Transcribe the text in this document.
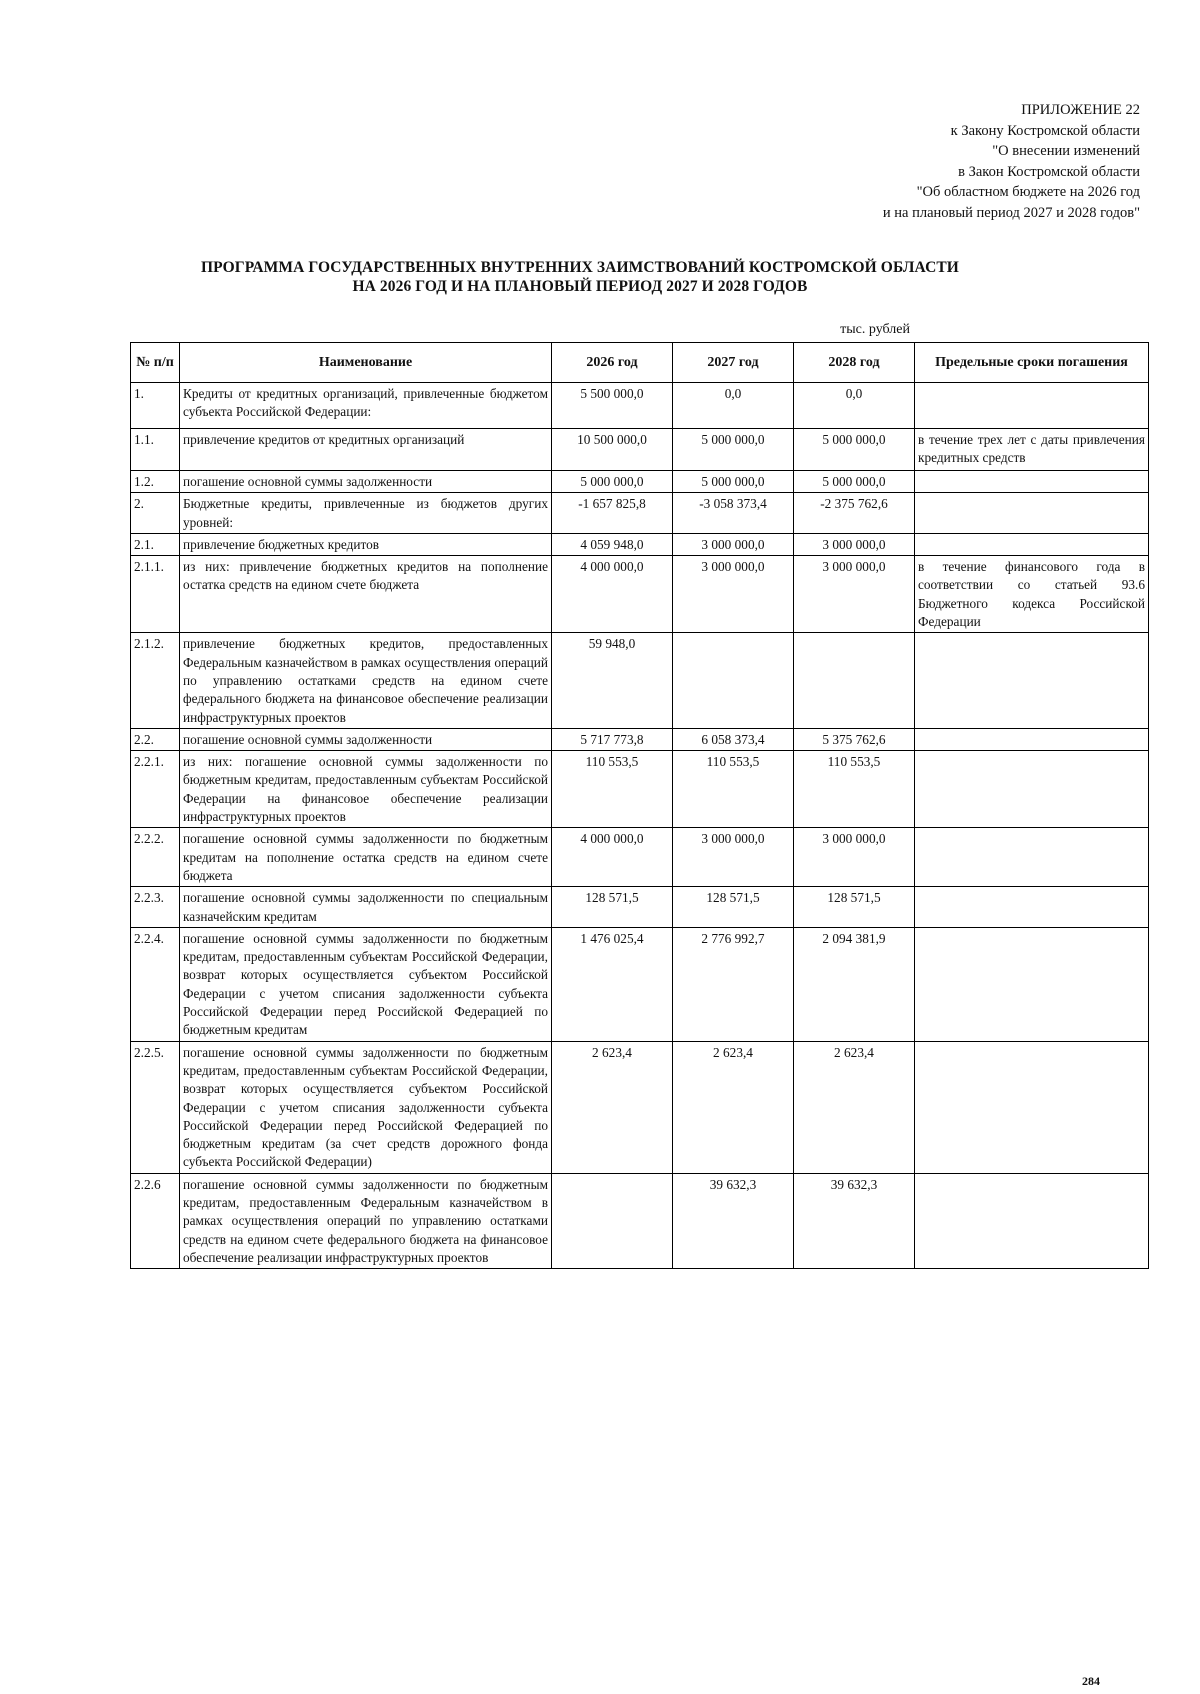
ПРИЛОЖЕНИЕ 22
к Закону Костромской области
"О внесении изменений
в Закон Костромской области
"Об областном бюджете на 2026 год
и на плановый период 2027 и 2028 годов"
ПРОГРАММА ГОСУДАРСТВЕННЫХ ВНУТРЕННИХ ЗАИМСТВОВАНИЙ КОСТРОМСКОЙ ОБЛАСТИ
НА 2026 ГОД И НА ПЛАНОВЫЙ ПЕРИОД 2027 И 2028 ГОДОВ
тыс. рублей
№ п/п	Наименование	2026 год	2027 год	2028 год	Предельные сроки погашения
1.	Кредиты от кредитных организаций, привлеченные бюджетом субъекта Российской Федерации:	5 500 000,0	0,0	0,0	
1.1.	привлечение кредитов от кредитных организаций	10 500 000,0	5 000 000,0	5 000 000,0	в течение трех лет с даты привлечения кредитных средств
1.2.	погашение основной суммы задолженности	5 000 000,0	5 000 000,0	5 000 000,0	
2.	Бюджетные кредиты, привлеченные из бюджетов других уровней:	-1 657 825,8	-3 058 373,4	-2 375 762,6	
2.1.	привлечение бюджетных кредитов	4 059 948,0	3 000 000,0	3 000 000,0	
2.1.1.	из них: привлечение бюджетных кредитов на пополнение остатка средств на едином счете бюджета	4 000 000,0	3 000 000,0	3 000 000,0	в течение финансового года в соответствии со статьей 93.6 Бюджетного кодекса Российской Федерации
2.1.2.	привлечение бюджетных кредитов, предоставленных Федеральным казначейством в рамках осуществления операций по управлению остатками средств на едином счете федерального бюджета на финансовое обеспечение реализации инфраструктурных проектов	59 948,0			
2.2.	погашение основной суммы задолженности	5 717 773,8	6 058 373,4	5 375 762,6	
2.2.1.	из них: погашение основной суммы задолженности по бюджетным кредитам, предоставленным субъектам Российской Федерации на финансовое обеспечение реализации инфраструктурных проектов	110 553,5	110 553,5	110 553,5	
2.2.2.	погашение основной суммы задолженности по бюджетным кредитам на пополнение остатка средств на едином счете бюджета	4 000 000,0	3 000 000,0	3 000 000,0	
2.2.3.	погашение основной суммы задолженности по специальным казначейским кредитам	128 571,5	128 571,5	128 571,5	
2.2.4.	погашение основной суммы задолженности по бюджетным кредитам, предоставленным субъектам Российской Федерации, возврат которых осуществляется субъектом Российской Федерации с учетом списания задолженности субъекта Российской Федерации перед Российской Федерацией по бюджетным кредитам	1 476 025,4	2 776 992,7	2 094 381,9	
2.2.5.	погашение основной суммы задолженности по бюджетным кредитам, предоставленным субъектам Российской Федерации, возврат которых осуществляется субъектом Российской Федерации с учетом списания задолженности субъекта Российской Федерации перед Российской Федерацией по бюджетным кредитам (за счет средств дорожного фонда субъекта Российской Федерации)	2 623,4	2 623,4	2 623,4	
2.2.6	погашение основной суммы задолженности по бюджетным кредитам, предоставленным Федеральным казначейством в рамках осуществления операций по управлению остатками средств на едином счете федерального бюджета на финансовое обеспечение реализации инфраструктурных проектов		39 632,3	39 632,3	
284
